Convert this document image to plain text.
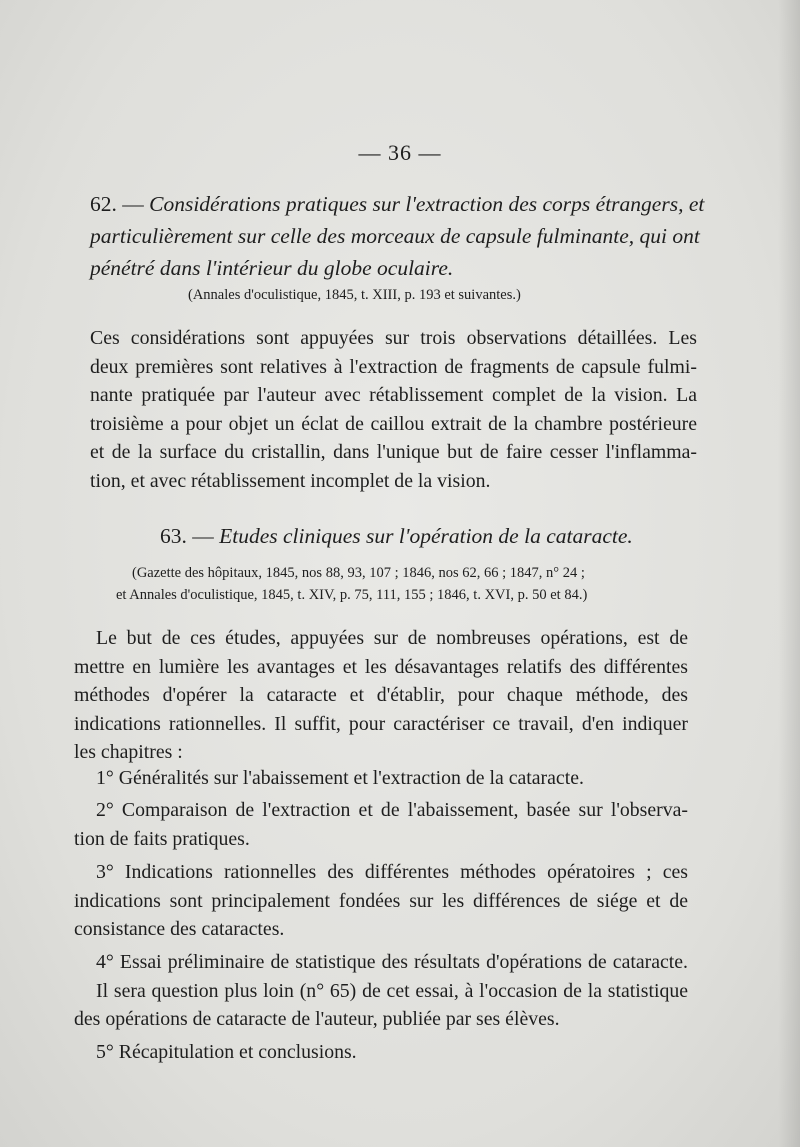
— 36 —
62. — Considérations pratiques sur l'extraction des corps étrangers, et
particulièrement sur celle des morceaux de capsule fulminante, qui ont
pénétré dans l'intérieur du globe oculaire.
(Annales d'oculistique, 1845, t. XIII, p. 193 et suivantes.)
Ces considérations sont appuyées sur trois observations détaillées. Les
deux premières sont relatives à l'extraction de fragments de capsule fulmi-
nante pratiquée par l'auteur avec rétablissement complet de la vision. La
troisième a pour objet un éclat de caillou extrait de la chambre postérieure
et de la surface du cristallin, dans l'unique but de faire cesser l'inflamma-
tion, et avec rétablissement incomplet de la vision.
63. — Etudes cliniques sur l'opération de la cataracte.
(Gazette des hôpitaux, 1845, nos 88, 93, 107 ; 1846, nos 62, 66 ; 1847, n° 24 ;
et Annales d'oculistique, 1845, t. XIV, p. 75, 111, 155 ; 1846, t. XVI, p. 50 et 84.)
Le but de ces études, appuyées sur de nombreuses opérations, est de
mettre en lumière les avantages et les désavantages relatifs des différentes
méthodes d'opérer la cataracte et d'établir, pour chaque méthode, des
indications rationnelles. Il suffit, pour caractériser ce travail, d'en indiquer
les chapitres :
1° Généralités sur l'abaissement et l'extraction de la cataracte.
2° Comparaison de l'extraction et de l'abaissement, basée sur l'observa-
tion de faits pratiques.
3° Indications rationnelles des différentes méthodes opératoires ; ces
indications sont principalement fondées sur les différences de siége et de
consistance des cataractes.
4° Essai préliminaire de statistique des résultats d'opérations de cataracte.
Il sera question plus loin (n° 65) de cet essai, à l'occasion de la statistique
des opérations de cataracte de l'auteur, publiée par ses élèves.
5° Récapitulation et conclusions.
